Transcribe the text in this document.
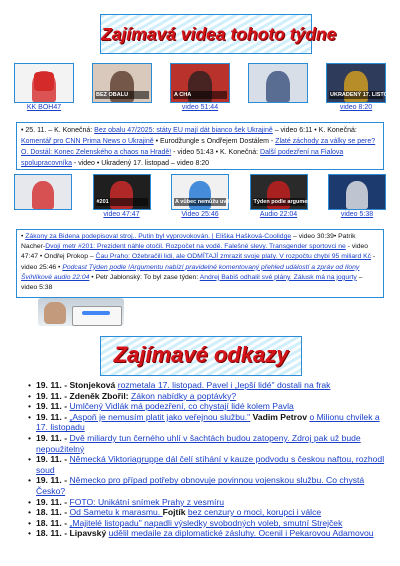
Zajímavá videa tohoto týdne
KK BOH47
BEZ OBALU	A CHA
video 51:44
UKRADENÝ 17. LISTOPAD
video 8:20
• 25. 11. – K. Konečná: Bez obalu 47/2025: státy EU mají dát bianco šek Ukrajině – video 6:11 • K. Konečná: Komentář pro CNN Prima News o Ukrajině • Eurodžungle s Ondřejem Dostálem - Zlaté záchody za války se pere? O. Dostál: Konec Zelenského a chaos na Hradě! - video 51:43 • K. Konečná: Další podezření na Fialova spolupracovníka - video • Ukradený 17. listopad – video 8:20
#201
video 47:47
A vůbec nemůžu uvěřit
Video 25:46
Týden podle argumentu
Audio 22:04	video 5:38
• Zákony za Bidena podepisoval stroj.. Putin byl vyprovokován. | Eliška Hašková-Coolidge – video 30:39• Patrik Nacher-Dvojí metr #201: Prezident náhle otočil. Rozpočet na vodě. Falešné slevy. Transgender sportovci ne - video 47:47 • Ondřej Prokop – Čau Praho: Ožebračili lidi, ale ODMÍTAJÍ zmrazit svoje platy. V rozpočtu chybí 95 miliard Kč - video 25:46 • Podcast Týden podle !Argumentu nabízí pravidelné komentovaný přehled událostí a zpráv od Ilony Švihlíkové audio 22:04 • Petr Jablonský: To byl zase týden: Andrej Babiš odhalil své plány. Zálusk má na jogurty – video 5:38
Zajímavé odkazy
• 19. 11. - Stonjeková rozmetala 17. listopad. Pavel i „lepší lidé" dostali na frak
• 19. 11. - Zdeněk Zbořil: Zákon nabídky a poptávky?
• 19. 11. - Umlčený Vidlák má podezření, co chystají lidé kolem Pavla
• 19. 11. - „Aspoň je nemusím platit jako veřejnou službu." Vadim Petrov o Milionu chvilek a 17. listopadu
• 19. 11. - Dvě miliardy tun černého uhlí v šachtách budou zatopeny. Zdroj pak už bude nepoužitelný
• 19. 11. - Německá Viktoriagruppe dál čelí stíhání v kauze podvodu s českou naftou, rozhodl soud
• 19. 11. - Německo pro případ potřeby obnovuje povinnou vojenskou službu. Co chystá Česko?
• 19. 11. - FOTO: Unikátní snímek Prahy z vesmíru
• 18. 11. - Od Sametu k marasmu. Fojtík bez cenzury o moci, korupci i válce
• 18. 11. - „Majitelé listopadu" napadli výsledky svobodných voleb, smutní Strejček
• 18. 11. - Lipavský udělil medaile za diplomatické zásluhy. Ocenil i Pekarovou Adamovou
